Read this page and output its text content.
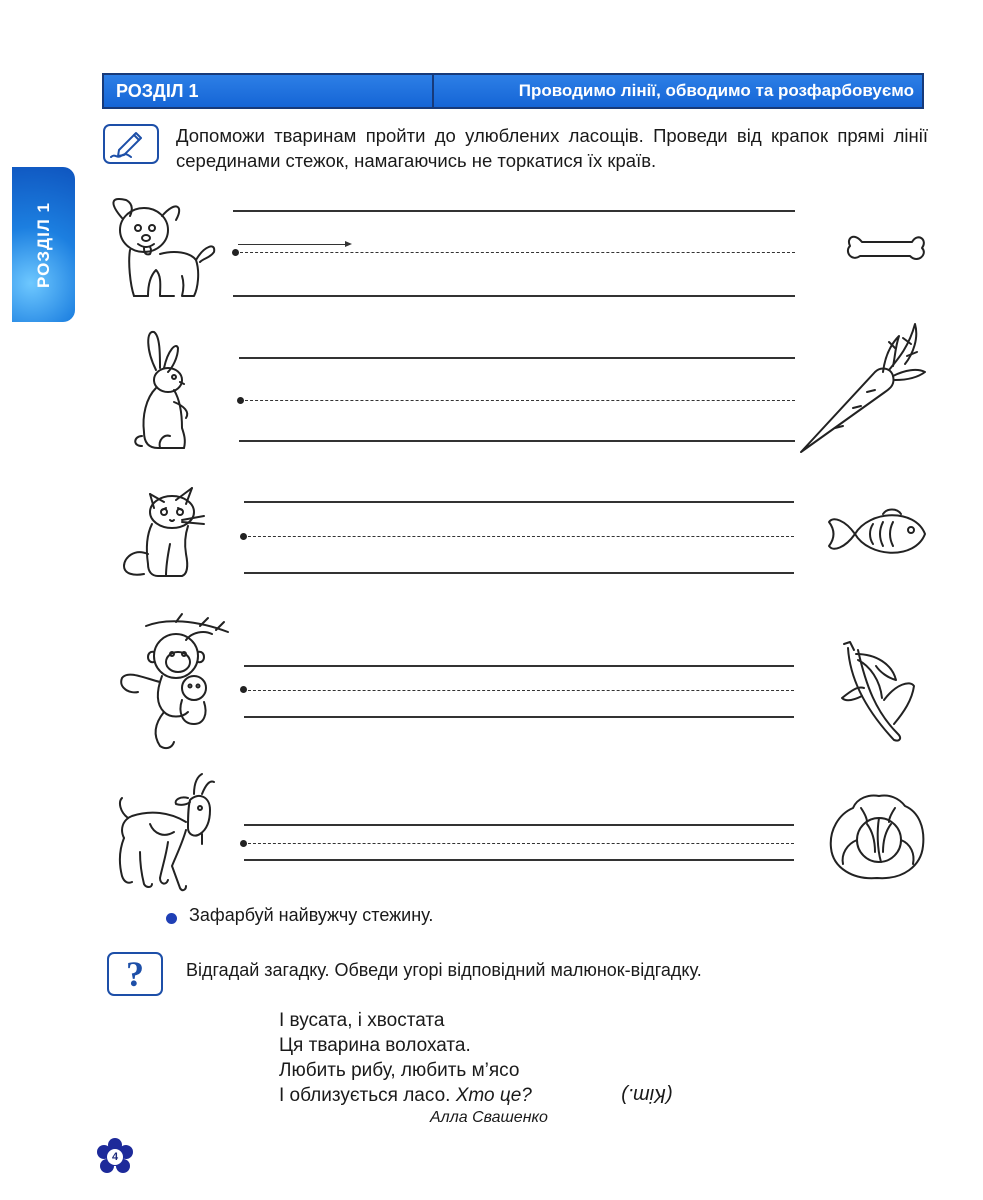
РОЗДІЛ 1	Проводимо лінії, обводимо та розфарбовуємо
РОЗДІЛ 1
Допоможи тваринам пройти до улюблених ласощів. Проведи від крапок прямі лінії серединами стежок, намагаючись не торкатися їх країв.
Зафарбуй найвужчу стежину.
?	Відгадай загадку. Обведи угорі відповідний малюнок-відгадку.
І вусата, і хвостата
Ця тварина волохата.
Любить рибу, любить м’ясо
І облизується ласо. Хто це?	(Кіт.)
Алла Свашенко
4
